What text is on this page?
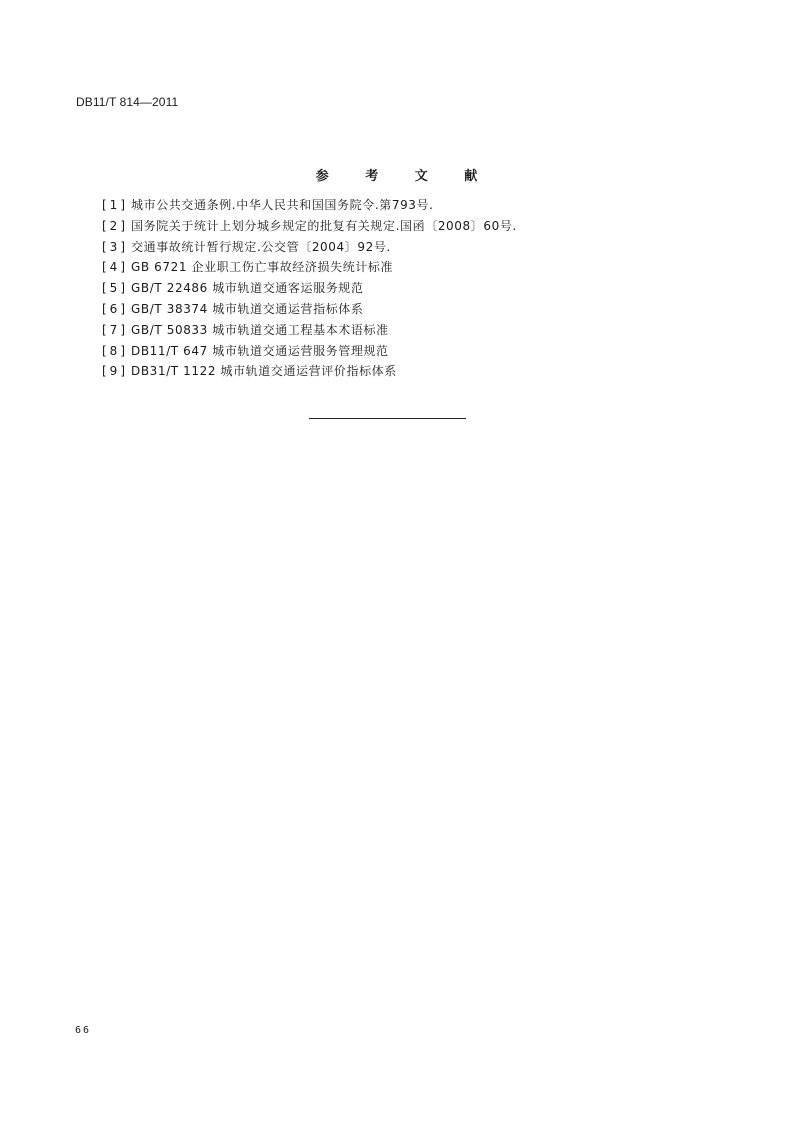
DB11/T 814—2011
参 考 文 献
[1] 城市公共交通条例.中华人民共和国国务院令.第793号.
[2] 国务院关于统计上划分城乡规定的批复有关规定.国函〔2008〕60号.
[3] 交通事故统计暂行规定.公交管〔2004〕92号.
[4] GB 6721 企业职工伤亡事故经济损失统计标准
[5] GB/T 22486 城市轨道交通客运服务规范
[6] GB/T 38374 城市轨道交通运营指标体系
[7] GB/T 50833 城市轨道交通工程基本术语标准
[8] DB11/T 647 城市轨道交通运营服务管理规范
[9] DB31/T 1122 城市轨道交通运营评价指标体系
66
